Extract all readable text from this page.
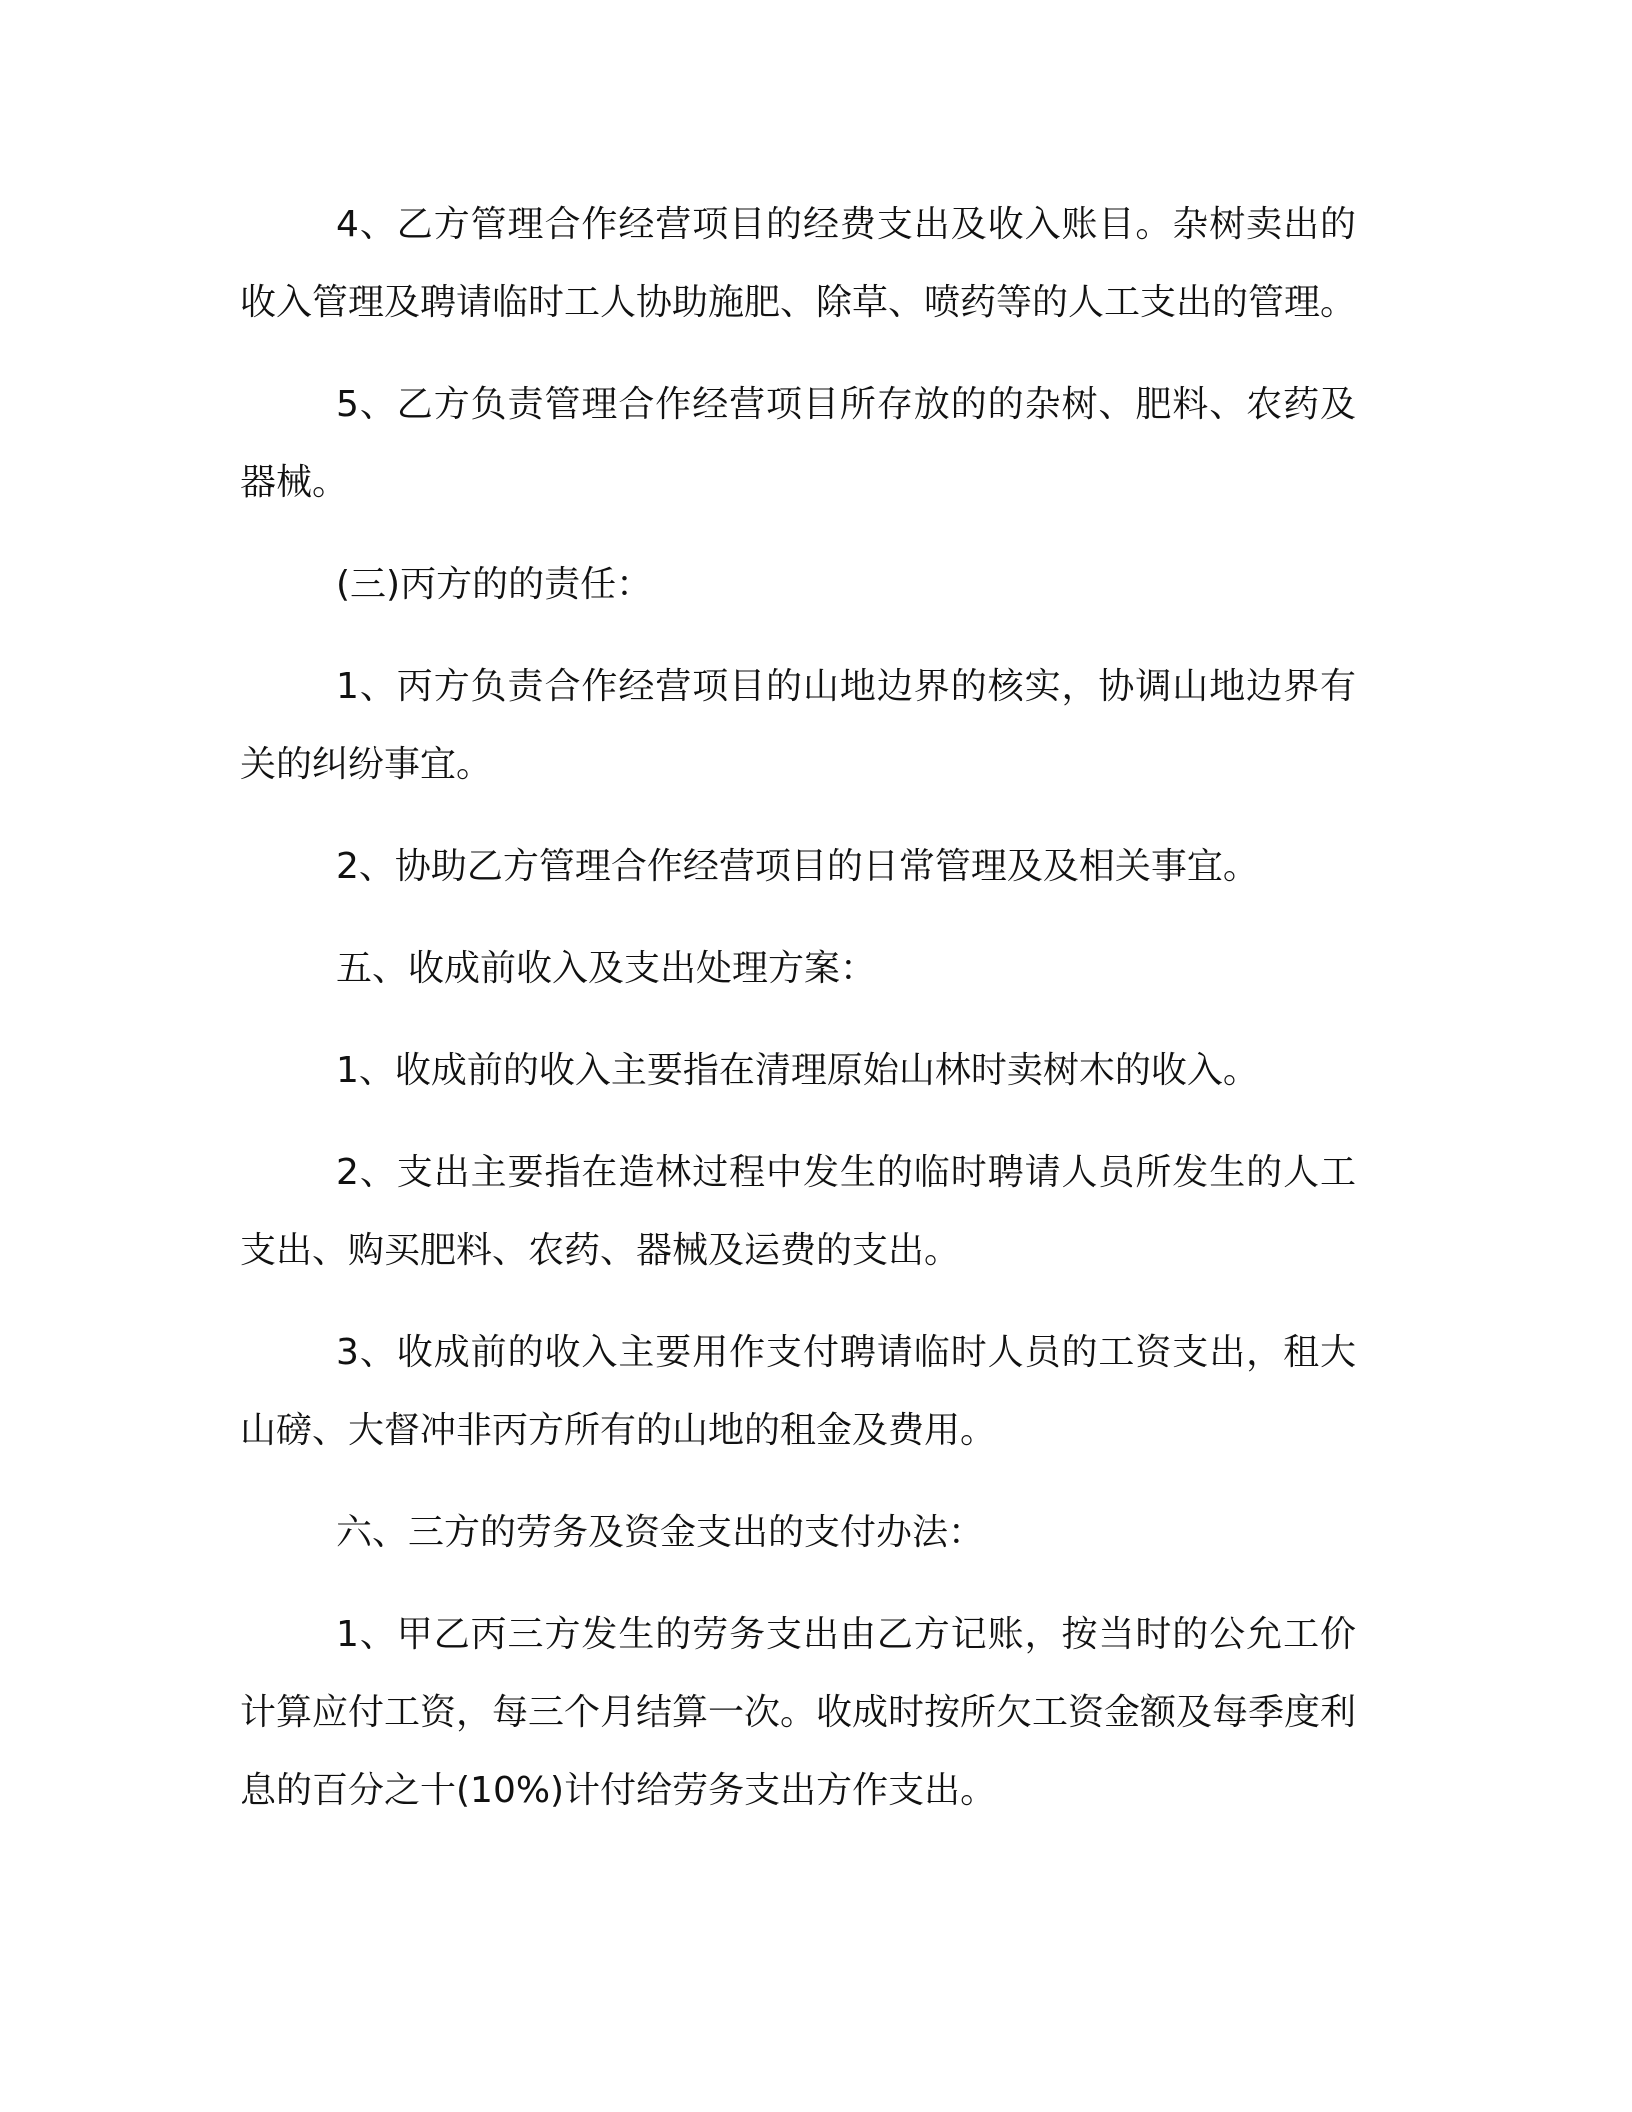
4、乙方管理合作经营项目的经费支出及收入账目。杂树卖出的收入管理及聘请临时工人协助施肥、除草、喷药等的人工支出的管理。

5、乙方负责管理合作经营项目所存放的的杂树、肥料、农药及器械。

(三)丙方的的责任：

1、丙方负责合作经营项目的山地边界的核实，协调山地边界有关的纠纷事宜。

2、协助乙方管理合作经营项目的日常管理及及相关事宜。

五、收成前收入及支出处理方案：

1、收成前的收入主要指在清理原始山林时卖树木的收入。

2、支出主要指在造林过程中发生的临时聘请人员所发生的人工支出、购买肥料、农药、器械及运费的支出。

3、收成前的收入主要用作支付聘请临时人员的工资支出，租大山磅、大督冲非丙方所有的山地的租金及费用。

六、三方的劳务及资金支出的支付办法：

1、甲乙丙三方发生的劳务支出由乙方记账，按当时的公允工价计算应付工资，每三个月结算一次。收成时按所欠工资金额及每季度利息的百分之十(10%)计付给劳务支出方作支出。
